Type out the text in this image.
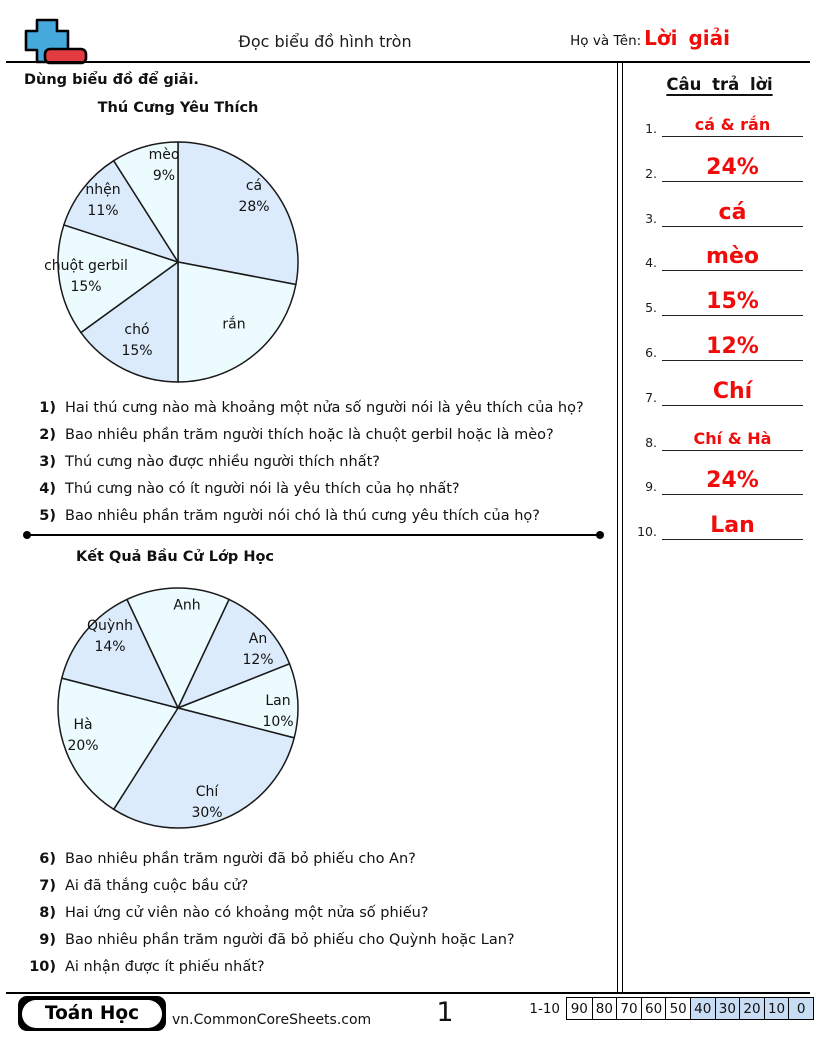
Đọc biểu đồ hình tròn	Họ và Tên: Lời giải
Dùng biểu đồ để giải.
Thú Cưng Yêu Thích
cá
28%
rắn
chó
15%
chuột gerbil
15%
nhện
11%
mèo
9%
1) Hai thú cưng nào mà khoảng một nửa số người nói là yêu thích của họ?
2) Bao nhiêu phần trăm người thích hoặc là chuột gerbil hoặc là mèo?
3) Thú cưng nào được nhiều người thích nhất?
4) Thú cưng nào có ít người nói là yêu thích của họ nhất?
5) Bao nhiêu phần trăm người nói chó là thú cưng yêu thích của họ?
Kết Quả Bầu Cử Lớp Học
Anh
An
12%
Lan
10%
Chí
30%
Hà
20%
Quỳnh
14%
6) Bao nhiêu phần trăm người đã bỏ phiếu cho An?
7) Ai đã thắng cuộc bầu cử?
8) Hai ứng cử viên nào có khoảng một nửa số phiếu?
9) Bao nhiêu phần trăm người đã bỏ phiếu cho Quỳnh hoặc Lan?
10) Ai nhận được ít phiếu nhất?
Câu trả lời
1.	cá & rắn
2.	24%
3.	cá
4.	mèo
5.	15%
6.	12%
7.	Chí
8.	Chí & Hà
9.	24%
10.	Lan
Toán Học	vn.CommonCoreSheets.com	1	1-10 90 80 70 60 50 40 30 20 10 0
